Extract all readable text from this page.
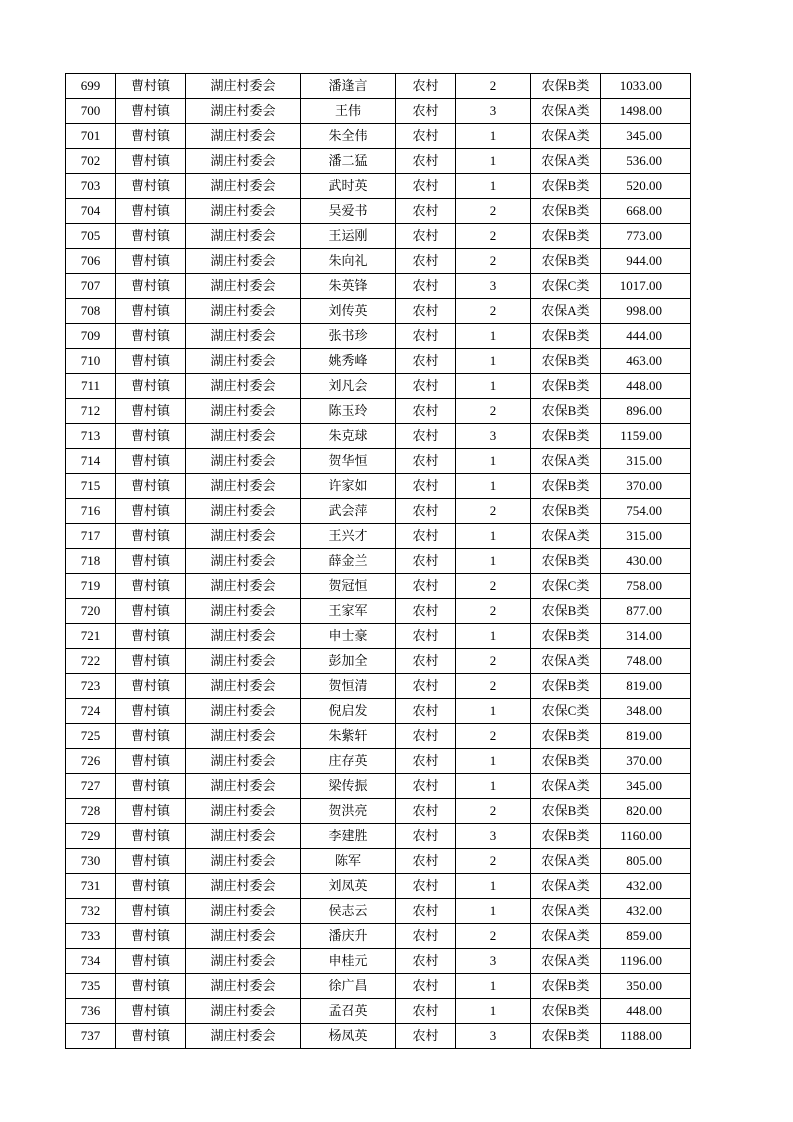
699	曹村镇	湖庄村委会	潘逢言	农村	2	农保B类	1033.00
700	曹村镇	湖庄村委会	王伟	农村	3	农保A类	1498.00
701	曹村镇	湖庄村委会	朱全伟	农村	1	农保A类	345.00
702	曹村镇	湖庄村委会	潘二猛	农村	1	农保A类	536.00
703	曹村镇	湖庄村委会	武时英	农村	1	农保B类	520.00
704	曹村镇	湖庄村委会	吴爱书	农村	2	农保B类	668.00
705	曹村镇	湖庄村委会	王运刚	农村	2	农保B类	773.00
706	曹村镇	湖庄村委会	朱向礼	农村	2	农保B类	944.00
707	曹村镇	湖庄村委会	朱英锋	农村	3	农保C类	1017.00
708	曹村镇	湖庄村委会	刘传英	农村	2	农保A类	998.00
709	曹村镇	湖庄村委会	张书珍	农村	1	农保B类	444.00
710	曹村镇	湖庄村委会	姚秀峰	农村	1	农保B类	463.00
711	曹村镇	湖庄村委会	刘凡会	农村	1	农保B类	448.00
712	曹村镇	湖庄村委会	陈玉玲	农村	2	农保B类	896.00
713	曹村镇	湖庄村委会	朱克球	农村	3	农保B类	1159.00
714	曹村镇	湖庄村委会	贺华恒	农村	1	农保A类	315.00
715	曹村镇	湖庄村委会	许家如	农村	1	农保B类	370.00
716	曹村镇	湖庄村委会	武会萍	农村	2	农保B类	754.00
717	曹村镇	湖庄村委会	王兴才	农村	1	农保A类	315.00
718	曹村镇	湖庄村委会	薛金兰	农村	1	农保B类	430.00
719	曹村镇	湖庄村委会	贺冠恒	农村	2	农保C类	758.00
720	曹村镇	湖庄村委会	王家军	农村	2	农保B类	877.00
721	曹村镇	湖庄村委会	申士豪	农村	1	农保B类	314.00
722	曹村镇	湖庄村委会	彭加全	农村	2	农保A类	748.00
723	曹村镇	湖庄村委会	贺恒清	农村	2	农保B类	819.00
724	曹村镇	湖庄村委会	倪启发	农村	1	农保C类	348.00
725	曹村镇	湖庄村委会	朱紫轩	农村	2	农保B类	819.00
726	曹村镇	湖庄村委会	庄存英	农村	1	农保B类	370.00
727	曹村镇	湖庄村委会	梁传振	农村	1	农保A类	345.00
728	曹村镇	湖庄村委会	贺洪亮	农村	2	农保B类	820.00
729	曹村镇	湖庄村委会	李建胜	农村	3	农保B类	1160.00
730	曹村镇	湖庄村委会	陈军	农村	2	农保A类	805.00
731	曹村镇	湖庄村委会	刘凤英	农村	1	农保A类	432.00
732	曹村镇	湖庄村委会	侯志云	农村	1	农保A类	432.00
733	曹村镇	湖庄村委会	潘庆升	农村	2	农保A类	859.00
734	曹村镇	湖庄村委会	申桂元	农村	3	农保A类	1196.00
735	曹村镇	湖庄村委会	徐广昌	农村	1	农保B类	350.00
736	曹村镇	湖庄村委会	孟召英	农村	1	农保B类	448.00
737	曹村镇	湖庄村委会	杨凤英	农村	3	农保B类	1188.00
